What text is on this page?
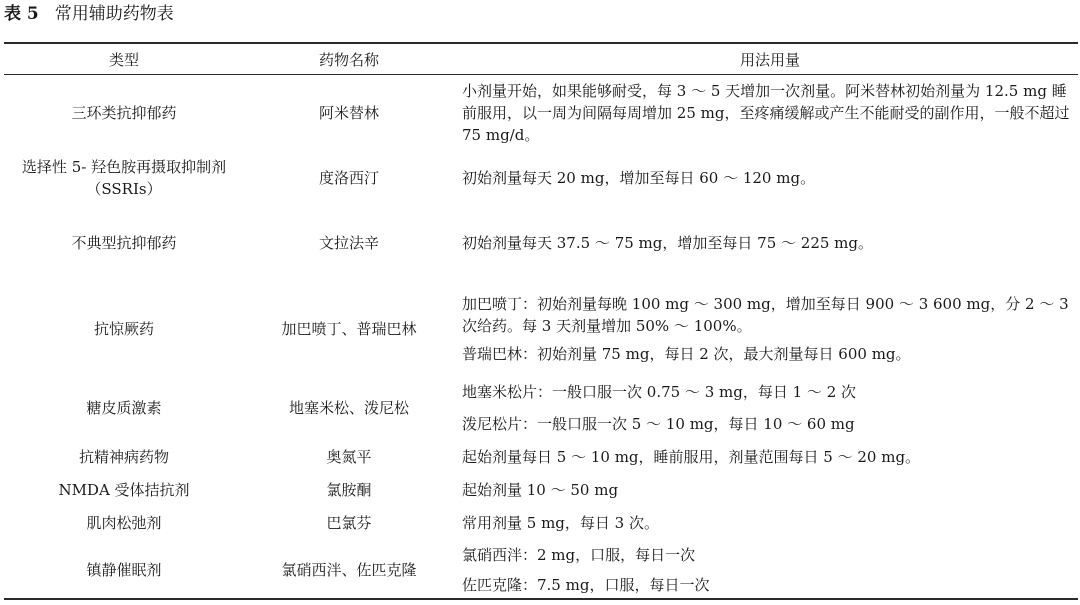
表 5 常用辅助药物表
类型	药物名称	用法用量
三环类抗抑郁药	阿米替林	小剂量开始，如果能够耐受，每 3 ～ 5 天增加一次剂量。阿米替林初始剂量为 12.5 mg 睡前服用，以一周为间隔每周增加 25 mg，至疼痛缓解或产生不能耐受的副作用，一般不超过 75 mg/d。

选择性 5- 羟色胺再摄取抑制剂（SSRIs）	度洛西汀	初始剂量每天 20 mg，增加至每日 60 ～ 120 mg。

不典型抗抑郁药	文拉法辛	初始剂量每天 37.5 ～ 75 mg，增加至每日 75 ～ 225 mg。

抗惊厥药	加巴喷丁、普瑞巴林	加巴喷丁：初始剂量每晚 100 mg ～ 300 mg，增加至每日 900 ～ 3 600 mg，分 2 ～ 3 次给药。每 3 天剂量增加 50% ～ 100%。
普瑞巴林：初始剂量 75 mg，每日 2 次，最大剂量每日 600 mg。

糖皮质激素	地塞米松、泼尼松	地塞米松片：一般口服一次 0.75 ～ 3 mg，每日 1 ～ 2 次
泼尼松片：一般口服一次 5 ～ 10 mg，每日 10 ～ 60 mg

抗精神病药物	奥氮平	起始剂量每日 5 ～ 10 mg，睡前服用，剂量范围每日 5 ～ 20 mg。

NMDA 受体拮抗剂	氯胺酮	起始剂量 10 ～ 50 mg

肌肉松弛剂	巴氯芬	常用剂量 5 mg，每日 3 次。

镇静催眠剂	氯硝西泮、佐匹克隆	氯硝西泮：2 mg，口服，每日一次
佐匹克隆：7.5 mg，口服，每日一次
